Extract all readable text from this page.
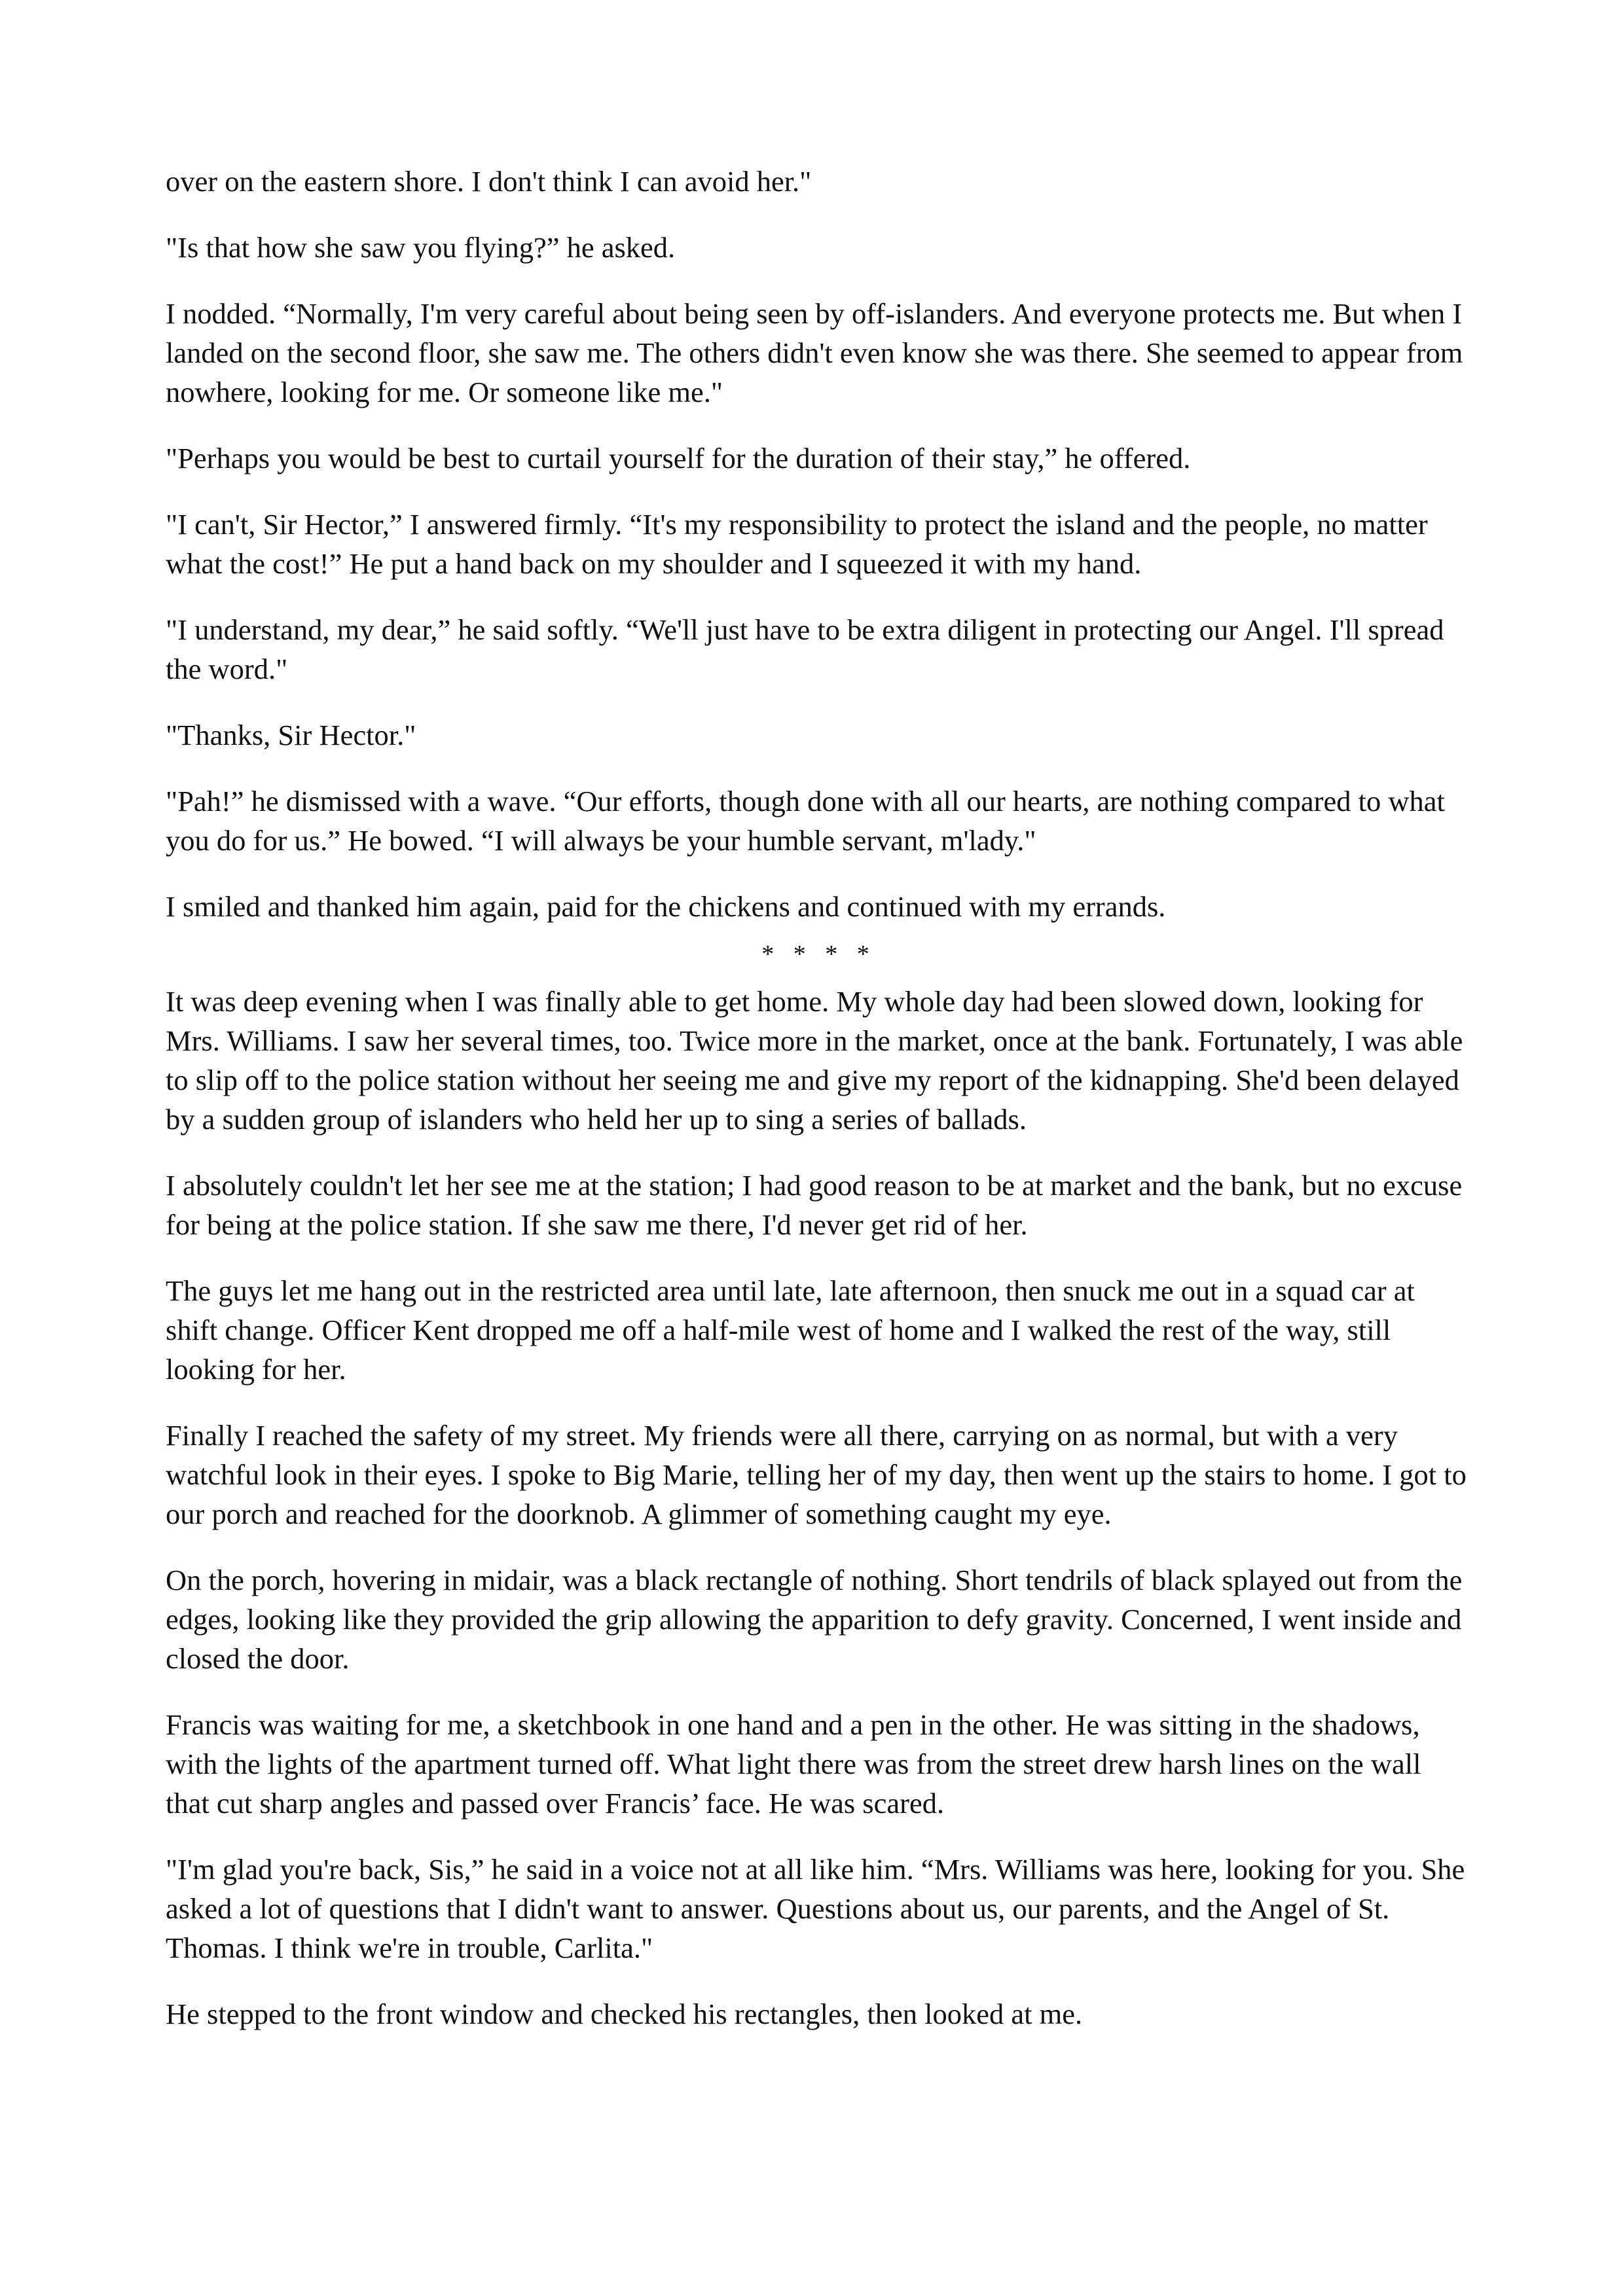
over on the eastern shore. I don't think I can avoid her."

"Is that how she saw you flying?” he asked.

I nodded. “Normally, I'm very careful about being seen by off-islanders. And everyone protects me. But when I landed on the second floor, she saw me. The others didn't even know she was there. She seemed to appear from nowhere, looking for me. Or someone like me."

"Perhaps you would be best to curtail yourself for the duration of their stay,” he offered.

"I can't, Sir Hector,” I answered firmly. “It's my responsibility to protect the island and the people, no matter what the cost!” He put a hand back on my shoulder and I squeezed it with my hand.

"I understand, my dear,” he said softly. “We'll just have to be extra diligent in protecting our Angel. I'll spread the word."

"Thanks, Sir Hector."

"Pah!” he dismissed with a wave. “Our efforts, though done with all our hearts, are nothing compared to what you do for us.” He bowed. “I will always be your humble servant, m'lady."

I smiled and thanked him again, paid for the chickens and continued with my errands.

* * * *

It was deep evening when I was finally able to get home. My whole day had been slowed down, looking for Mrs. Williams. I saw her several times, too. Twice more in the market, once at the bank. Fortunately, I was able to slip off to the police station without her seeing me and give my report of the kidnapping. She'd been delayed by a sudden group of islanders who held her up to sing a series of ballads.

I absolutely couldn't let her see me at the station; I had good reason to be at market and the bank, but no excuse for being at the police station. If she saw me there, I'd never get rid of her.

The guys let me hang out in the restricted area until late, late afternoon, then snuck me out in a squad car at shift change. Officer Kent dropped me off a half-mile west of home and I walked the rest of the way, still looking for her.

Finally I reached the safety of my street. My friends were all there, carrying on as normal, but with a very watchful look in their eyes. I spoke to Big Marie, telling her of my day, then went up the stairs to home. I got to our porch and reached for the doorknob. A glimmer of something caught my eye.

On the porch, hovering in midair, was a black rectangle of nothing. Short tendrils of black splayed out from the edges, looking like they provided the grip allowing the apparition to defy gravity. Concerned, I went inside and closed the door.

Francis was waiting for me, a sketchbook in one hand and a pen in the other. He was sitting in the shadows, with the lights of the apartment turned off. What light there was from the street drew harsh lines on the wall that cut sharp angles and passed over Francis’ face. He was scared.

"I'm glad you're back, Sis,” he said in a voice not at all like him. “Mrs. Williams was here, looking for you. She asked a lot of questions that I didn't want to answer. Questions about us, our parents, and the Angel of St. Thomas. I think we're in trouble, Carlita."

He stepped to the front window and checked his rectangles, then looked at me.
